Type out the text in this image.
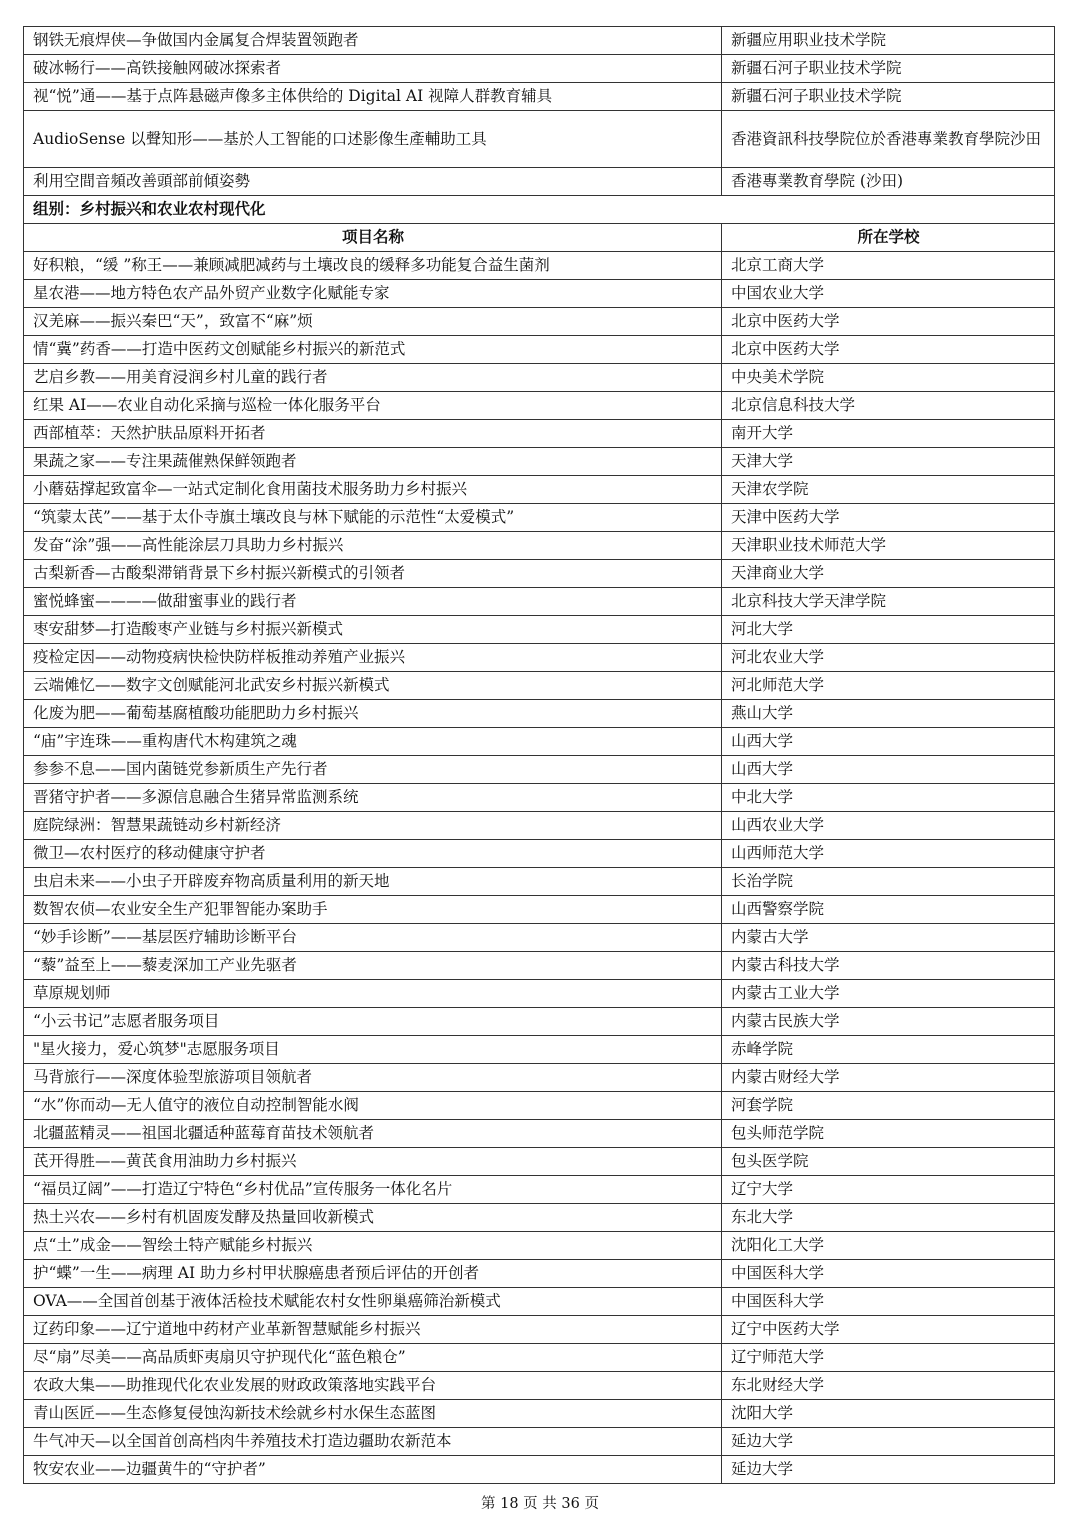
钢铁无痕焊侠—争做国内金属复合焊装置领跑者	新疆应用职业技术学院
破冰畅行——高铁接触网破冰探索者	新疆石河子职业技术学院
视“悦”通——基于点阵悬磁声像多主体供给的 Digital AI 视障人群教育辅具	新疆石河子职业技术学院
AudioSense 以聲知形——基於人工智能的口述影像生產輔助工具	香港資訊科技學院位於香港專業教育學院沙田
利用空間音頻改善頭部前傾姿勢	香港專業教育學院 (沙田)
组别：乡村振兴和农业农村现代化	
项目名称	所在学校
好积粮，“缓 ”称王——兼顾减肥减药与土壤改良的缓释多功能复合益生菌剂	北京工商大学
星农港——地方特色农产品外贸产业数字化赋能专家	中国农业大学
汉羌麻——振兴秦巴“天”，致富不“麻”烦	北京中医药大学
情“冀”药香——打造中医药文创赋能乡村振兴的新范式	北京中医药大学
艺启乡教——用美育浸润乡村儿童的践行者	中央美术学院
红果 AI——农业自动化采摘与巡检一体化服务平台	北京信息科技大学
西部植萃：天然护肤品原料开拓者	南开大学
果蔬之家——专注果蔬催熟保鲜领跑者	天津大学
小蘑菇撑起致富伞—一站式定制化食用菌技术服务助力乡村振兴	天津农学院
“筑蒙太芪”——基于太仆寺旗土壤改良与林下赋能的示范性“太爱模式”	天津中医药大学
发奋“涂”强——高性能涂层刀具助力乡村振兴	天津职业技术师范大学
古梨新香—古酸梨滞销背景下乡村振兴新模式的引领者	天津商业大学
蜜悦蜂蜜————做甜蜜事业的践行者	北京科技大学天津学院
枣安甜梦—打造酸枣产业链与乡村振兴新模式	河北大学
疫检定因——动物疫病快检快防样板推动养殖产业振兴	河北农业大学
云端傩忆——数字文创赋能河北武安乡村振兴新模式	河北师范大学
化废为肥——葡萄基腐植酸功能肥助力乡村振兴	燕山大学
“庙”宇连珠——重构唐代木构建筑之魂	山西大学
参参不息——国内菌链党参新质生产先行者	山西大学
晋猪守护者——多源信息融合生猪异常监测系统	中北大学
庭院绿洲：智慧果蔬链动乡村新经济	山西农业大学
微卫—农村医疗的移动健康守护者	山西师范大学
虫启未来——小虫子开辟废弃物高质量利用的新天地	长治学院
数智农侦—农业安全生产犯罪智能办案助手	山西警察学院
“妙手诊断”——基层医疗辅助诊断平台	内蒙古大学
“藜”益至上——藜麦深加工产业先驱者	内蒙古科技大学
草原规划师	内蒙古工业大学
“小云书记”志愿者服务项目	内蒙古民族大学
"星火接力，爱心筑梦"志愿服务项目	赤峰学院
马背旅行——深度体验型旅游项目领航者	内蒙古财经大学
“水”你而动—无人值守的液位自动控制智能水阀	河套学院
北疆蓝精灵——祖国北疆适种蓝莓育苗技术领航者	包头师范学院
芪开得胜——黄芪食用油助力乡村振兴	包头医学院
“福员辽阔”——打造辽宁特色“乡村优品”宣传服务一体化名片	辽宁大学
热土兴农——乡村有机固废发酵及热量回收新模式	东北大学
点“土”成金——智绘土特产赋能乡村振兴	沈阳化工大学
护“蝶”一生——病理 AI 助力乡村甲状腺癌患者预后评估的开创者	中国医科大学
OVA——全国首创基于液体活检技术赋能农村女性卵巢癌筛治新模式	中国医科大学
辽药印象——辽宁道地中药材产业革新智慧赋能乡村振兴	辽宁中医药大学
尽“扇”尽美——高品质虾夷扇贝守护现代化“蓝色粮仓”	辽宁师范大学
农政大集——助推现代化农业发展的财政政策落地实践平台	东北财经大学
青山医匠——生态修复侵蚀沟新技术绘就乡村水保生态蓝图	沈阳大学
牛气冲天—以全国首创高档肉牛养殖技术打造边疆助农新范本	延边大学
牧安农业——边疆黄牛的“守护者”	延边大学
第 18 页 共 36 页
